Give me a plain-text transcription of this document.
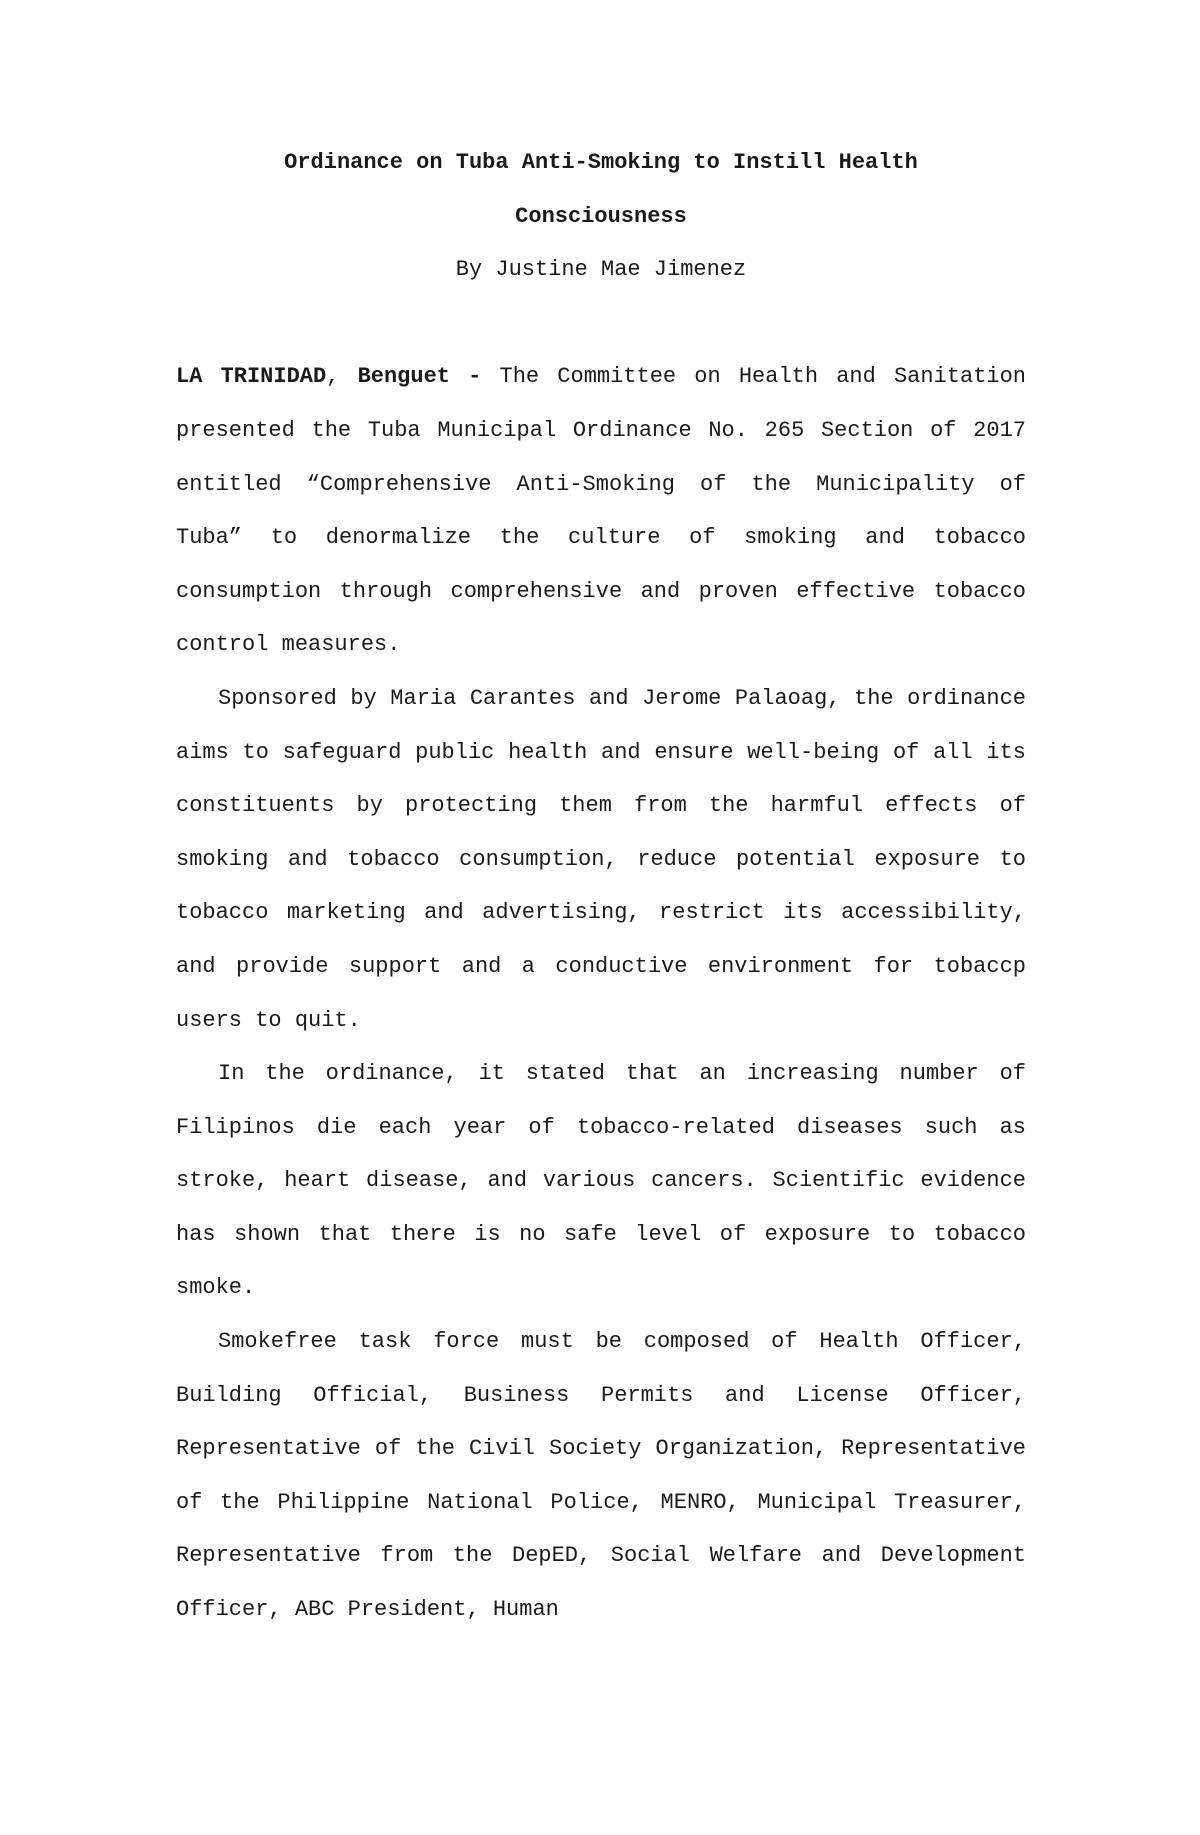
Ordinance on Tuba Anti-Smoking to Instill Health

Consciousness

By Justine Mae Jimenez

LA TRINIDAD, Benguet - The Committee on Health and Sanitation presented the Tuba Municipal Ordinance No. 265 Section of 2017 entitled “Comprehensive Anti-Smoking of the Municipality of Tuba” to denormalize the culture of smoking and tobacco consumption through comprehensive and proven effective tobacco control measures.

Sponsored by Maria Carantes and Jerome Palaoag, the ordinance aims to safeguard public health and ensure well-being of all its constituents by protecting them from the harmful effects of smoking and tobacco consumption, reduce potential exposure to tobacco marketing and advertising, restrict its accessibility, and provide support and a conductive environment for tobaccp users to quit.

In the ordinance, it stated that an increasing number of Filipinos die each year of tobacco-related diseases such as stroke, heart disease, and various cancers. Scientific evidence has shown that there is no safe level of exposure to tobacco smoke.

Smokefree task force must be composed of Health Officer, Building Official, Business Permits and License Officer, Representative of the Civil Society Organization, Representative of the Philippine National Police, MENRO, Municipal Treasurer, Representative from the DepED, Social Welfare and Development Officer, ABC President, Human
